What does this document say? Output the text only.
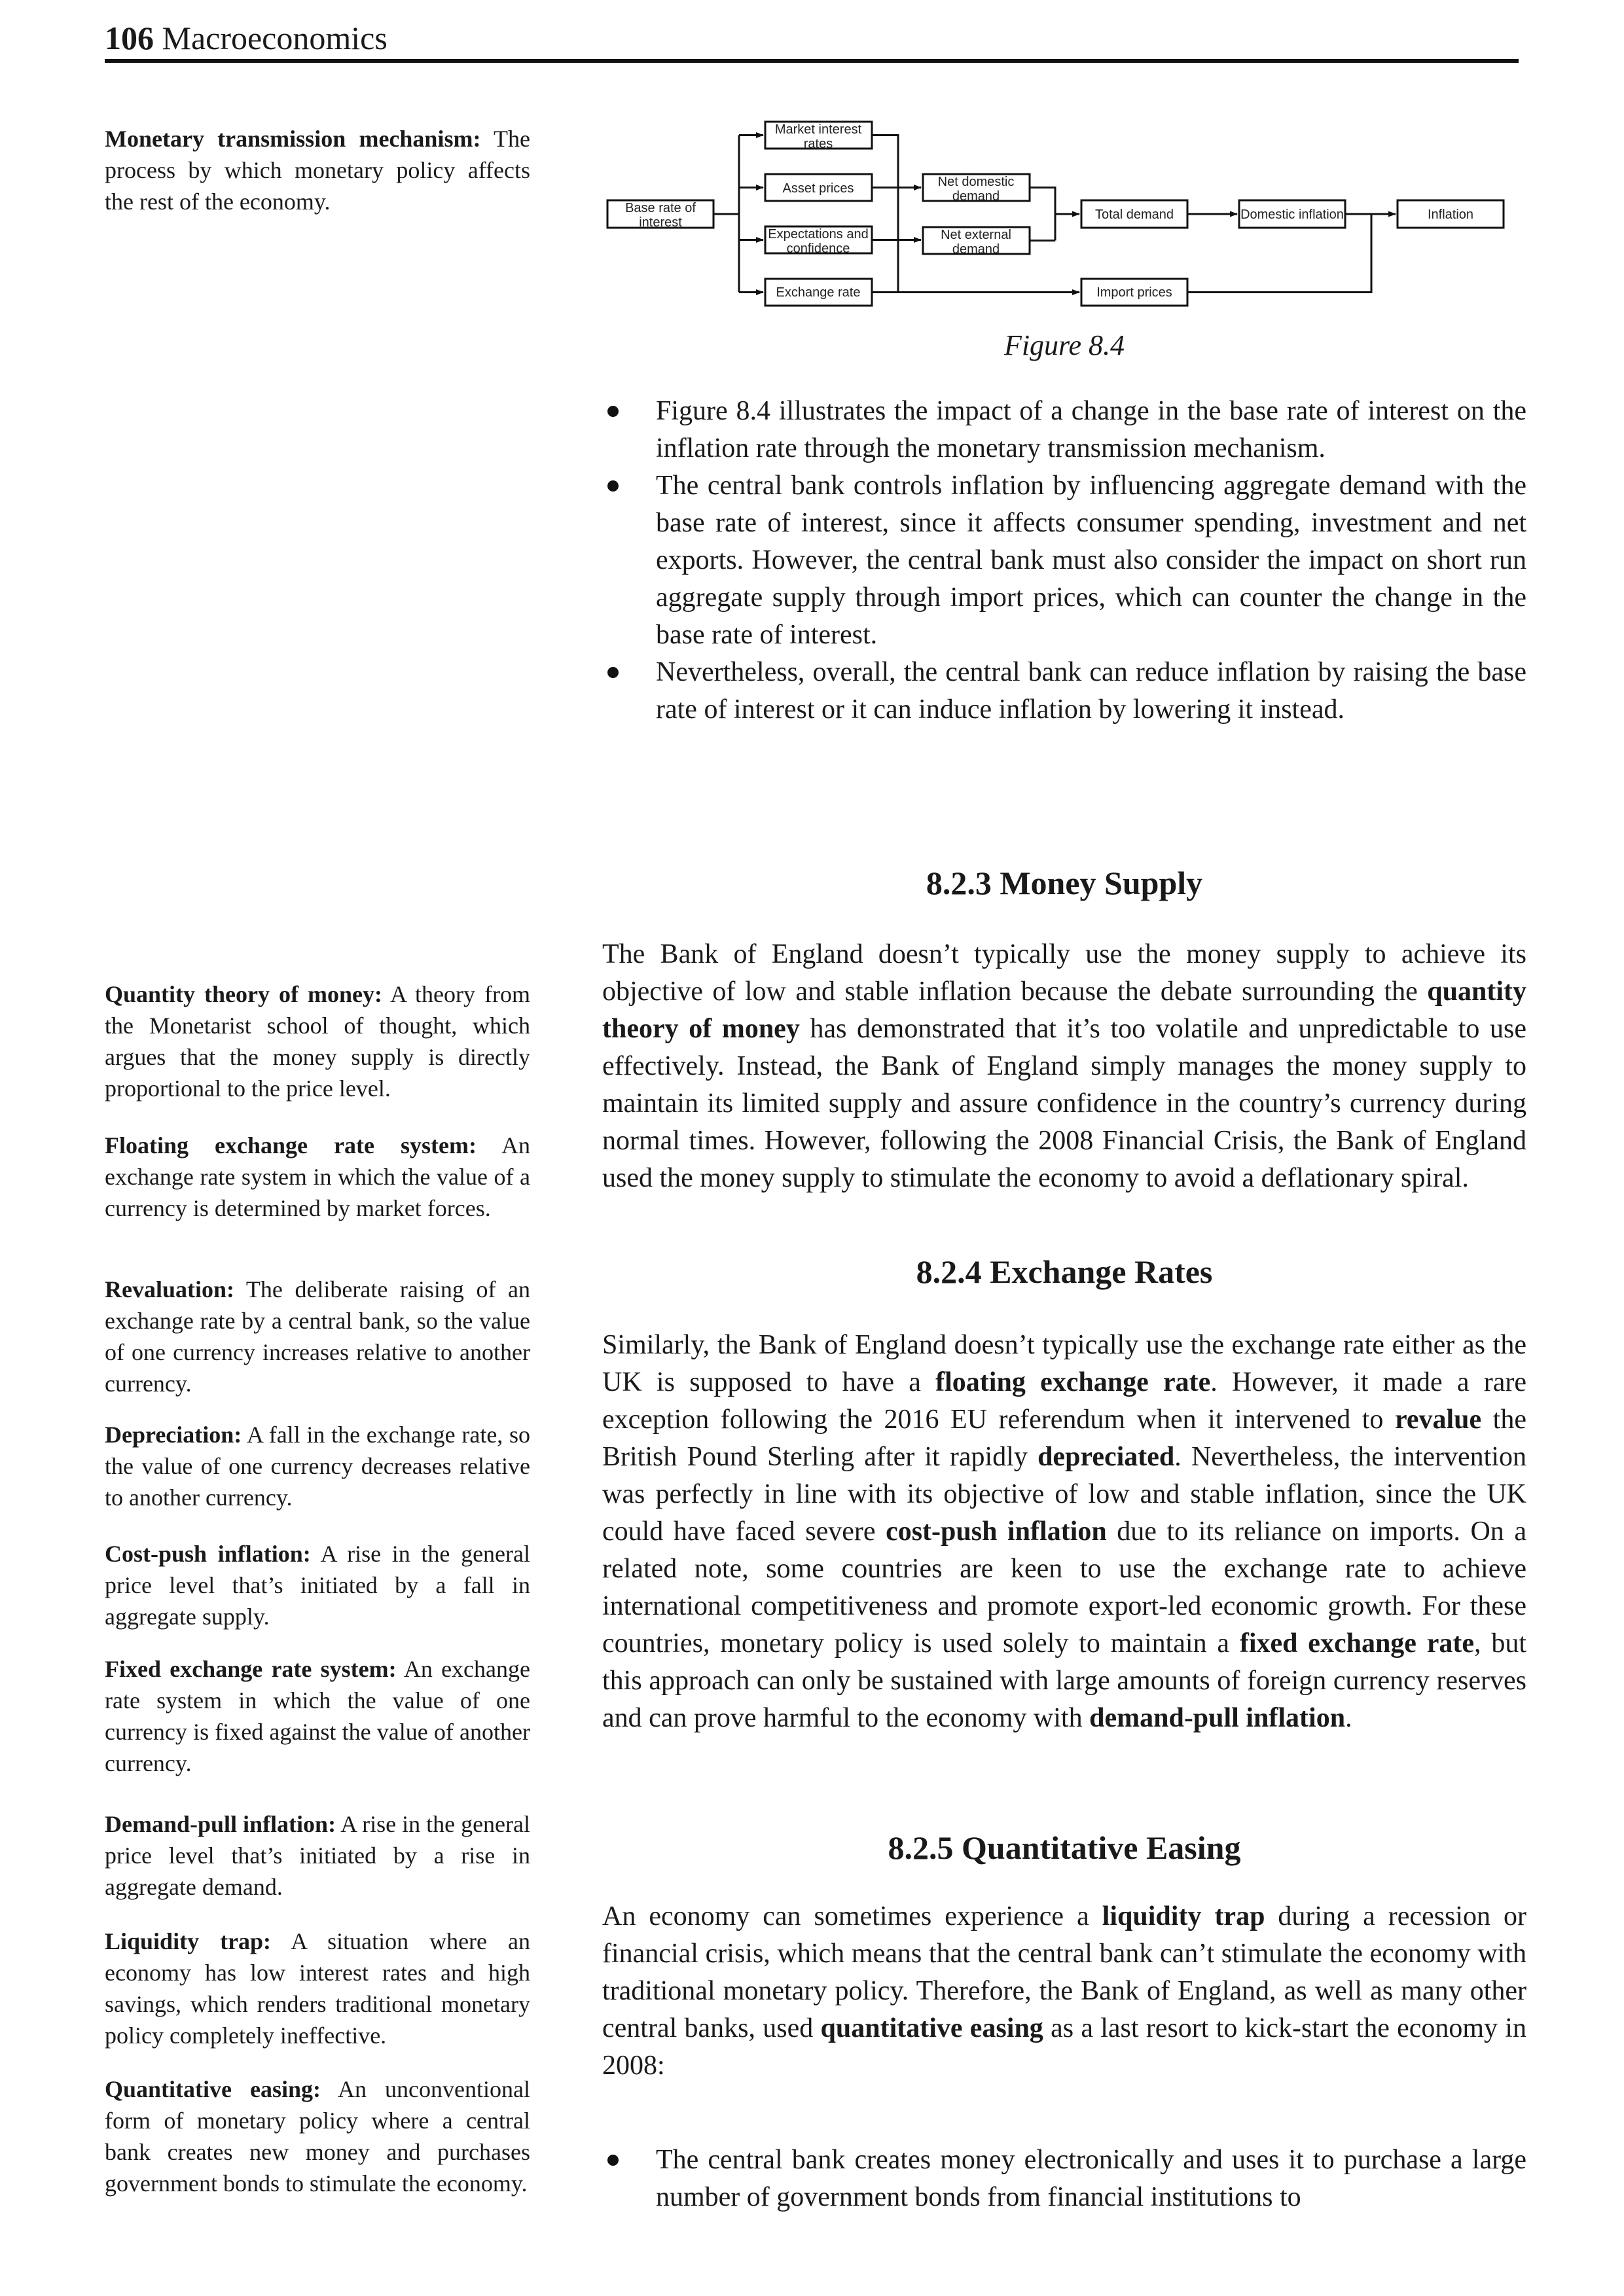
106 Macroeconomics

Monetary transmission mechanism: The process by which monetary policy affects the rest of the economy.

Quantity theory of money: A theory from the Monetarist school of thought, which argues that the money supply is directly proportional to the price level.

Floating exchange rate system: An exchange rate system in which the value of a currency is determined by market forces.

Revaluation: The deliberate raising of an exchange rate by a central bank, so the value of one currency increases relative to another currency.

Depreciation: A fall in the exchange rate, so the value of one currency decreases relative to another currency.

Cost-push inflation: A rise in the general price level that’s initiated by a fall in aggregate supply.

Fixed exchange rate system: An exchange rate system in which the value of one currency is fixed against the value of another currency.

Demand-pull inflation: A rise in the general price level that’s initiated by a rise in aggregate demand.

Liquidity trap: A situation where an economy has low interest rates and high savings, which renders traditional monetary policy completely ineffective.

Quantitative easing: An unconventional form of monetary policy where a central bank creates new money and purchases government bonds to stimulate the economy.

Base rate of
interest
Market interest
rates
Asset prices
Expectations and
confidence
Exchange rate
Net domestic
demand
Net external
demand
Total demand
Import prices
Domestic inflation	Inflation
Figure 8.4
Figure 8.4 illustrates the impact of a change in the base rate of interest on the inflation rate through the monetary transmission mechanism.
The central bank controls inflation by influencing aggregate demand with the base rate of interest, since it affects consumer spending, investment and net exports. However, the central bank must also consider the impact on short run aggregate supply through import prices, which can counter the change in the base rate of interest.
Nevertheless, overall, the central bank can reduce inflation by raising the base rate of interest or it can induce inflation by lowering it instead.
8.2.3 Money Supply

The Bank of England doesn’t typically use the money supply to achieve its objective of low and stable inflation because the debate surrounding the quantity theory of money has demonstrated that it’s too volatile and unpredictable to use effectively. Instead, the Bank of England simply manages the money supply to maintain its limited supply and assure confidence in the country’s currency during normal times. However, following the 2008 Financial Crisis, the Bank of England used the money supply to stimulate the economy to avoid a deflationary spiral.

8.2.4 Exchange Rates

Similarly, the Bank of England doesn’t typically use the exchange rate either as the UK is supposed to have a floating exchange rate. However, it made a rare exception following the 2016 EU referendum when it intervened to revalue the British Pound Sterling after it rapidly depreciated. Nevertheless, the intervention was perfectly in line with its objective of low and stable inflation, since the UK could have faced severe cost-push inflation due to its reliance on imports. On a related note, some countries are keen to use the exchange rate to achieve international competitiveness and promote export-led economic growth. For these countries, monetary policy is used solely to maintain a fixed exchange rate, but this approach can only be sustained with large amounts of foreign currency reserves and can prove harmful to the economy with demand-pull inflation.

8.2.5 Quantitative Easing

An economy can sometimes experience a liquidity trap during a recession or financial crisis, which means that the central bank can’t stimulate the economy with traditional monetary policy. Therefore, the Bank of England, as well as many other central banks, used quantitative easing as a last resort to kick-start the economy in 2008:

The central bank creates money electronically and uses it to purchase a large number of government bonds from financial institutions to
